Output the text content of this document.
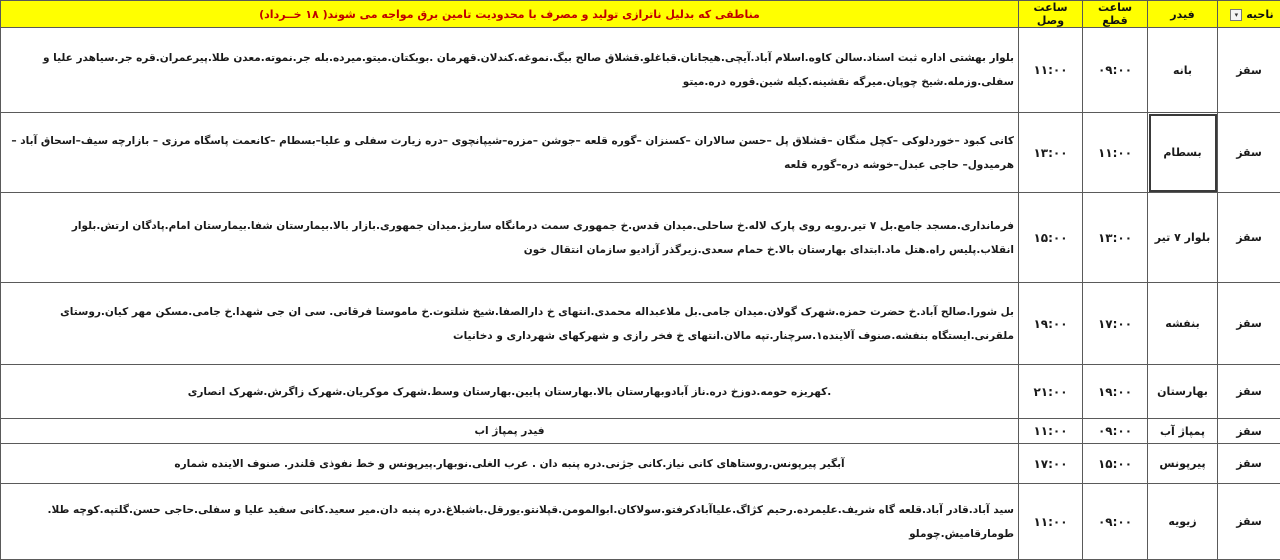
ناحیه ▾	فیدر	ساعت قطع	ساعت وصل	مناطقی که بدلیل ناترازی تولید و مصرف با محدودیت تامین برق مواجه می شوند( ۱۸ خــرداد)
سقز	بانه	۰۹:۰۰	۱۱:۰۰	بلوار بهشتی اداره ثبت اسناد.سالن کاوه.اسلام آباد.آیچی.هیجانان.قباغلو.قشلاق صالح بیگ.نموغه.کندلان.قهرمان .بوبکتان.میتو.میرده.بله جر.نموته.معدن طلا.پیرعمران.قره جر.سیاهدر علیا و سفلی.وزمله.شیخ چوپان.میرگه نقشینه.کیله شین.قوره دره.میتو
سقز	بسطام	۱۱:۰۰	۱۳:۰۰	کانی کبود –خوردلوکی –کچل منگان –قشلاق پل –حسن سالاران –کسنزان –گوره قلعه –جوشن –مزره–شیپانچوی –دره زیارت سفلی و علیا–بسطام –کانعمت پاسگاه مرزی – بازارچه سیف–اسحاق آباد –هرمیدول– حاجی عبدل–خوشه دره–گوره قلعه
سقز	بلوار ۷ تیر	۱۳:۰۰	۱۵:۰۰	فرمانداری.مسجد جامع.بل ۷ تیر.روبه روی پارک لاله.خ ساحلی.میدان قدس.خ جمهوری سمت درمانگاه ساریژ.میدان جمهوری.بازار بالا.بیمارستان شفا.بیمارستان امام.پادگان ارتش.بلوار انقلاب.پلیس راه.هتل ماد.ابتدای بهارستان بالا.خ حمام سعدی.زیرگذر آزادیو سازمان انتقال خون
سقز	بنفشه	۱۷:۰۰	۱۹:۰۰	بل شورا.صالح آباد.خ حضرت حمزه.شهرک گولان.میدان جامی.بل ملاعبداله محمدی.انتهای خ دارالصفا.شیخ شلتوت.خ ماموستا فرقانی. سی ان جی شهدا.خ جامی.مسکن مهر کیان.روستای ملقرنی.ایستگاه بنفشه.صنوف آلاینده۱.سرچنار.تپه مالان.انتهای خ فخر رازی و شهرکهای شهرداری و دخانیات
سقز	بهارستان	۱۹:۰۰	۲۱:۰۰	.کهریزه حومه.دوزخ دره.ناز آبادوبهارستان بالا.بهارستان پایین.بهارستان وسط.شهرک موکریان.شهرک زاگرش.شهرک انصاری
سقز	پمپاژ آب	۰۹:۰۰	۱۱:۰۰	فیدر پمپاژ اب
سقز	پیرپونس	۱۵:۰۰	۱۷:۰۰	آبگیر پیرپونس.روستاهای کانی نیاز.کانی جژنی.دره پنبه دان . عرب الغلی.نوبهار.پیرپونس و خط نفوذی قلندر. صنوف الاینده شماره
سقز	زیویه	۰۹:۰۰	۱۱:۰۰	سید آباد.قادر آباد.قلعه گاه شریف.علیمرده.رحیم کژاگ.علیاآبادکرفتو.سولاکان.ابوالمومن.قپلانتو.یورقل.باشبلاغ.دره پنبه دان.میر سعید.کانی سفید علیا و سفلی.حاجی حسن.گلتپه.کوچه طلا. طومارقامیش.چوملو
